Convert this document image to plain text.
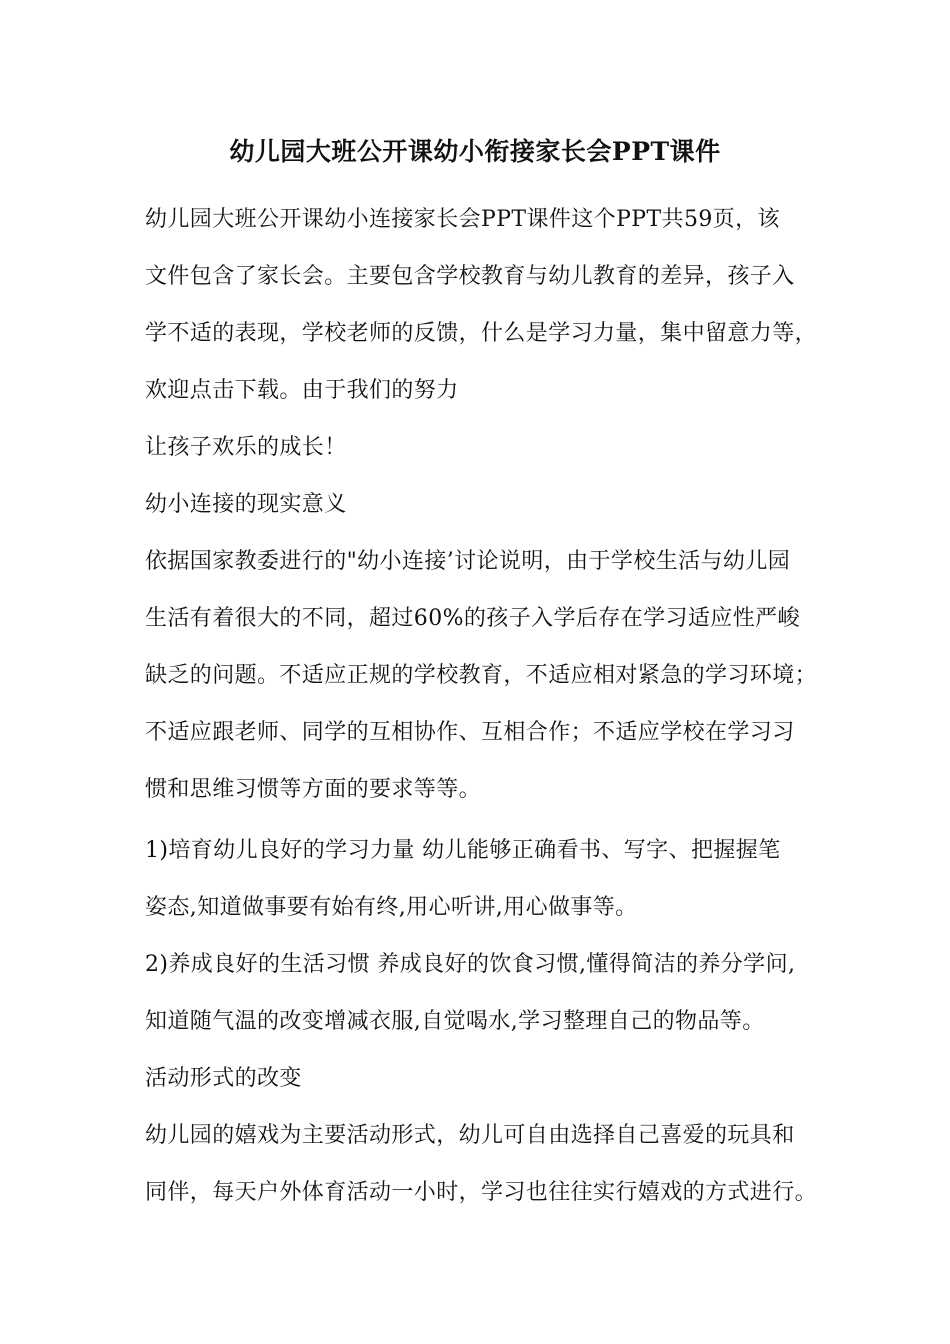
幼儿园大班公开课幼小衔接家长会PPT课件
幼儿园大班公开课幼小连接家长会PPT课件这个PPT共59页，该
文件包含了家长会。主要包含学校教育与幼儿教育的差异，孩子入
学不适的表现，学校老师的反馈，什么是学习力量，集中留意力等，
欢迎点击下载。由于我们的努力
让孩子欢乐的成长！
幼小连接的现实意义
依据国家教委进行的"幼小连接’讨论说明，由于学校生活与幼儿园
生活有着很大的不同，超过60%的孩子入学后存在学习适应性严峻
缺乏的问题。不适应正规的学校教育，不适应相对紧急的学习环境；
不适应跟老师、同学的互相协作、互相合作；不适应学校在学习习
惯和思维习惯等方面的要求等等。
1)培育幼儿良好的学习力量 幼儿能够正确看书、写字、把握握笔
姿态,知道做事要有始有终,用心听讲,用心做事等。
2)养成良好的生活习惯 养成良好的饮食习惯,懂得简洁的养分学问,
知道随气温的改变增减衣服,自觉喝水,学习整理自己的物品等。
活动形式的改变
幼儿园的嬉戏为主要活动形式，幼儿可自由选择自己喜爱的玩具和
同伴，每天户外体育活动一小时，学习也往往实行嬉戏的方式进行。
